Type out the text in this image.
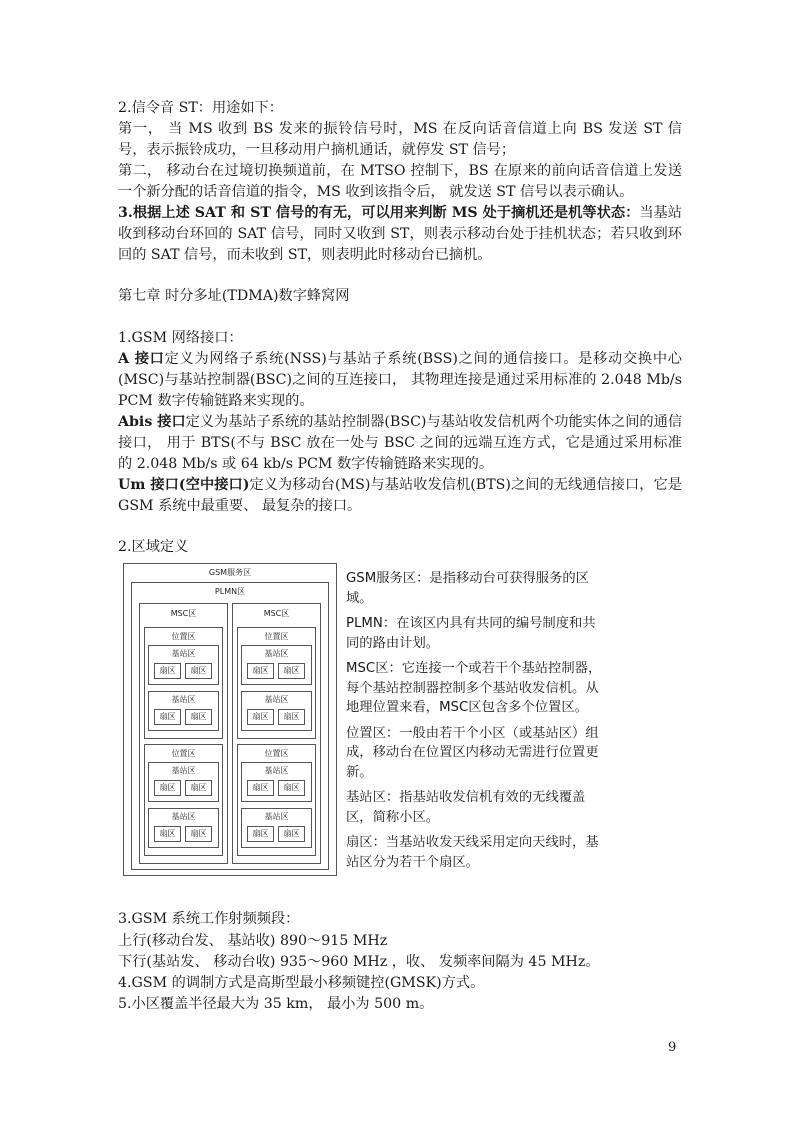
2.信令音 ST：用途如下：
第一， 当 MS 收到 BS 发来的振铃信号时，MS 在反向话音信道上向 BS 发送 ST 信号，表示振铃成功，一旦移动用户摘机通话，就停发 ST 信号；
第二， 移动台在过境切换频道前，在 MTSO 控制下，BS 在原来的前向话音信道上发送一个新分配的话音信道的指令，MS 收到该指令后， 就发送 ST 信号以表示确认。
3.根据上述 SAT 和 ST 信号的有无，可以用来判断 MS 处于摘机还是机等状态：当基站收到移动台环回的 SAT 信号，同时又收到 ST，则表示移动台处于挂机状态；若只收到环回的 SAT 信号，而未收到 ST，则表明此时移动台已摘机。
第七章 时分多址(TDMA)数字蜂窝网
1.GSM 网络接口：
A 接口定义为网络子系统(NSS)与基站子系统(BSS)之间的通信接口。是移动交换中心(MSC)与基站控制器(BSC)之间的互连接口， 其物理连接是通过采用标准的 2.048 Mb/s PCM 数字传输链路来实现的。
Abis 接口定义为基站子系统的基站控制器(BSC)与基站收发信机两个功能实体之间的通信接口， 用于 BTS(不与 BSC 放在一处与 BSC 之间的远端互连方式，它是通过采用标准的 2.048 Mb/s 或 64 kb/s PCM 数字传输链路来实现的。
Um 接口(空中接口)定义为移动台(MS)与基站收发信机(BTS)之间的无线通信接口，它是 GSM 系统中最重要、 最复杂的接口。
2.区域定义
GSM服务区
PLMN区
MSC区	MSC区
位置区
位置区
位置区
位置区
基站区
扇区	扇区
基站区
扇区	扇区
基站区
扇区	扇区
基站区
扇区	扇区
基站区
扇区	扇区
基站区
扇区	扇区
基站区
扇区	扇区
基站区
扇区	扇区
GSM服务区：是指移动台可获得服务的区域。
PLMN：在该区内具有共同的编号制度和共同的路由计划。
MSC区：它连接一个或若干个基站控制器，每个基站控制器控制多个基站收发信机。从地理位置来看，MSC区包含多个位置区。
位置区：一般由若干个小区（或基站区）组成，移动台在位置区内移动无需进行位置更新。
基站区：指基站收发信机有效的无线覆盖区，简称小区。
扇区：当基站收发天线采用定向天线时，基站区分为若干个扇区。
3.GSM 系统工作射频频段：
上行(移动台发、 基站收) 890～915 MHz
下行(基站发、 移动台收) 935～960 MHz ，收、 发频率间隔为 45 MHz。
4.GSM 的调制方式是高斯型最小移频键控(GMSK)方式。
5.小区覆盖半径最大为 35 km， 最小为 500 m。
9
